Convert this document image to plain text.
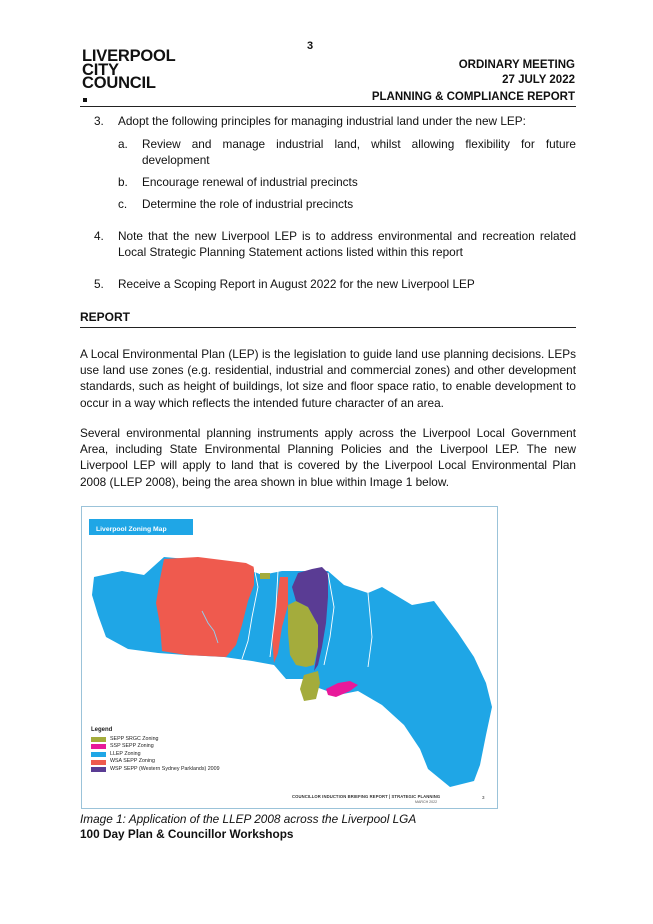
3
LIVERPOOL
CITY
COUNCIL
ORDINARY MEETING
27 JULY 2022
PLANNING & COMPLIANCE REPORT
3. Adopt the following principles for managing industrial land under the new LEP:
a. Review and manage industrial land, whilst allowing flexibility for future development
b. Encourage renewal of industrial precincts
c. Determine the role of industrial precincts
4. Note that the new Liverpool LEP is to address environmental and recreation related Local Strategic Planning Statement actions listed within this report
5. Receive a Scoping Report in August 2022 for the new Liverpool LEP
REPORT
A Local Environmental Plan (LEP) is the legislation to guide land use planning decisions. LEPs use land use zones (e.g. residential, industrial and commercial zones) and other development standards, such as height of buildings, lot size and floor space ratio, to enable development to occur in a way which reflects the intended future character of an area.
Several environmental planning instruments apply across the Liverpool Local Government Area, including State Environmental Planning Policies and the Liverpool LEP. The new Liverpool LEP will apply to land that is covered by the Liverpool Local Environmental Plan 2008 (LLEP 2008), being the area shown in blue within Image 1 below.
Liverpool Zoning Map
Legend
SEPP SRGC Zoning
SSP SEPP Zoning
LLEP Zoning
WSA SEPP Zoning
WSP SEPP (Western Sydney Parklands) 2009
COUNCILLOR INDUCTION BRIEFING REPORT | STRATEGIC PLANNING
MARCH 2022
3
Image 1: Application of the LLEP 2008 across the Liverpool LGA
100 Day Plan & Councillor Workshops
